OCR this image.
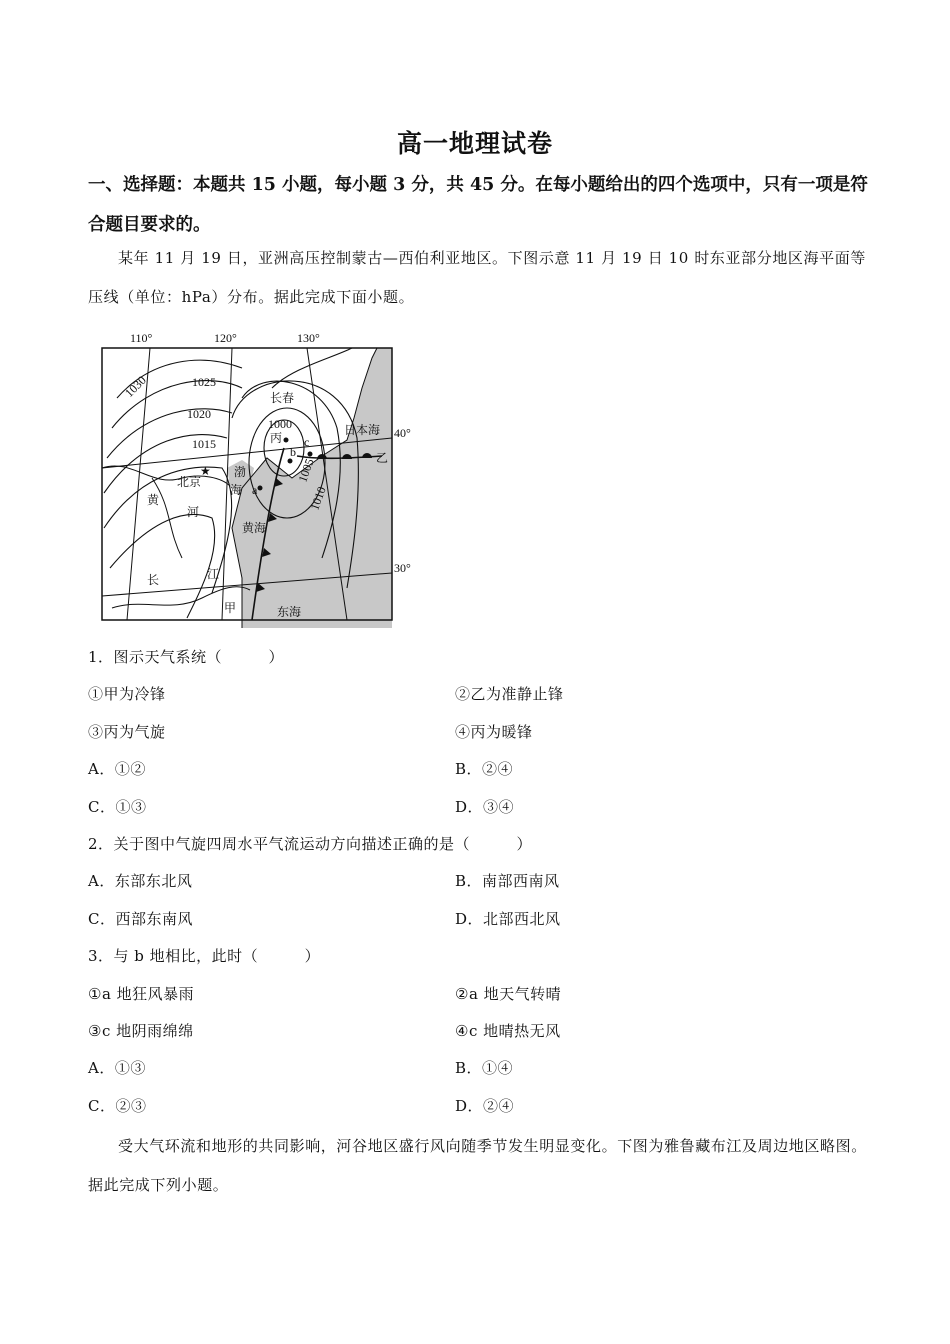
高一地理试卷
一、选择题：本题共 15 小题，每小题 3 分，共 45 分。在每小题给出的四个选项中，只有一项是符合题目要求的。
某年 11 月 19 日，亚洲高压控制蒙古—西伯利亚地区。下图示意 11 月 19 日 10 时东亚部分地区海平面等压线（单位：hPa）分布。据此完成下面小题。
★
110°	120°	130°
40°
30°
1030	1025
1020
1015
1000
1005
1010
长春
丙
北京
渤
海
黄
河
黄海
长	江
甲	东海
日本海
乙
a
b
c
1．图示天气系统（　　　）
①甲为冷锋	②乙为准静止锋
③丙为气旋	④丙为暖锋
A．①②	B．②④
C．①③	D．③④
2．关于图中气旋四周水平气流运动方向描述正确的是（　　　）
A．东部东北风	B．南部西南风
C．西部东南风	D．北部西北风
3．与 b 地相比，此时（　　　）
①a 地狂风暴雨	②a 地天气转晴
③c 地阴雨绵绵	④c 地晴热无风
A．①③	B．①④
C．②③	D．②④
受大气环流和地形的共同影响，河谷地区盛行风向随季节发生明显变化。下图为雅鲁藏布江及周边地区略图。据此完成下列小题。
